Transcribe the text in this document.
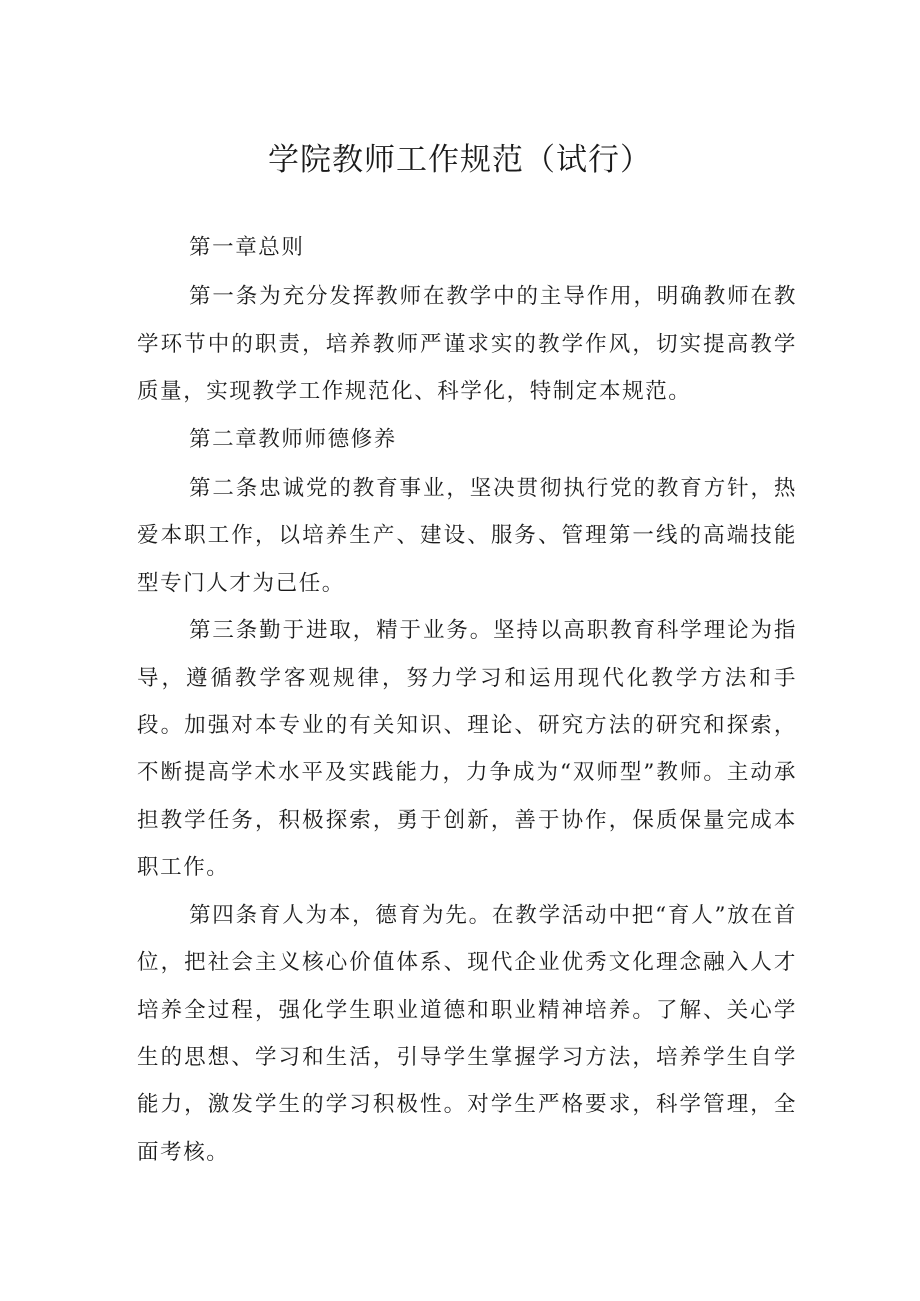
学院教师工作规范（试行）

第一章总则

第一条为充分发挥教师在教学中的主导作用，明确教师在教学环节中的职责，培养教师严谨求实的教学作风，切实提高教学质量，实现教学工作规范化、科学化，特制定本规范。

第二章教师师德修养

第二条忠诚党的教育事业，坚决贯彻执行党的教育方针，热爱本职工作，以培养生产、建设、服务、管理第一线的高端技能型专门人才为己任。

第三条勤于进取，精于业务。坚持以高职教育科学理论为指导，遵循教学客观规律，努力学习和运用现代化教学方法和手段。加强对本专业的有关知识、理论、研究方法的研究和探索，不断提高学术水平及实践能力，力争成为“双师型”教师。主动承担教学任务，积极探索，勇于创新，善于协作，保质保量完成本职工作。

第四条育人为本，德育为先。在教学活动中把“育人”放在首位，把社会主义核心价值体系、现代企业优秀文化理念融入人才培养全过程，强化学生职业道德和职业精神培养。了解、关心学生的思想、学习和生活，引导学生掌握学习方法，培养学生自学能力，激发学生的学习积极性。对学生严格要求，科学管理，全面考核。
